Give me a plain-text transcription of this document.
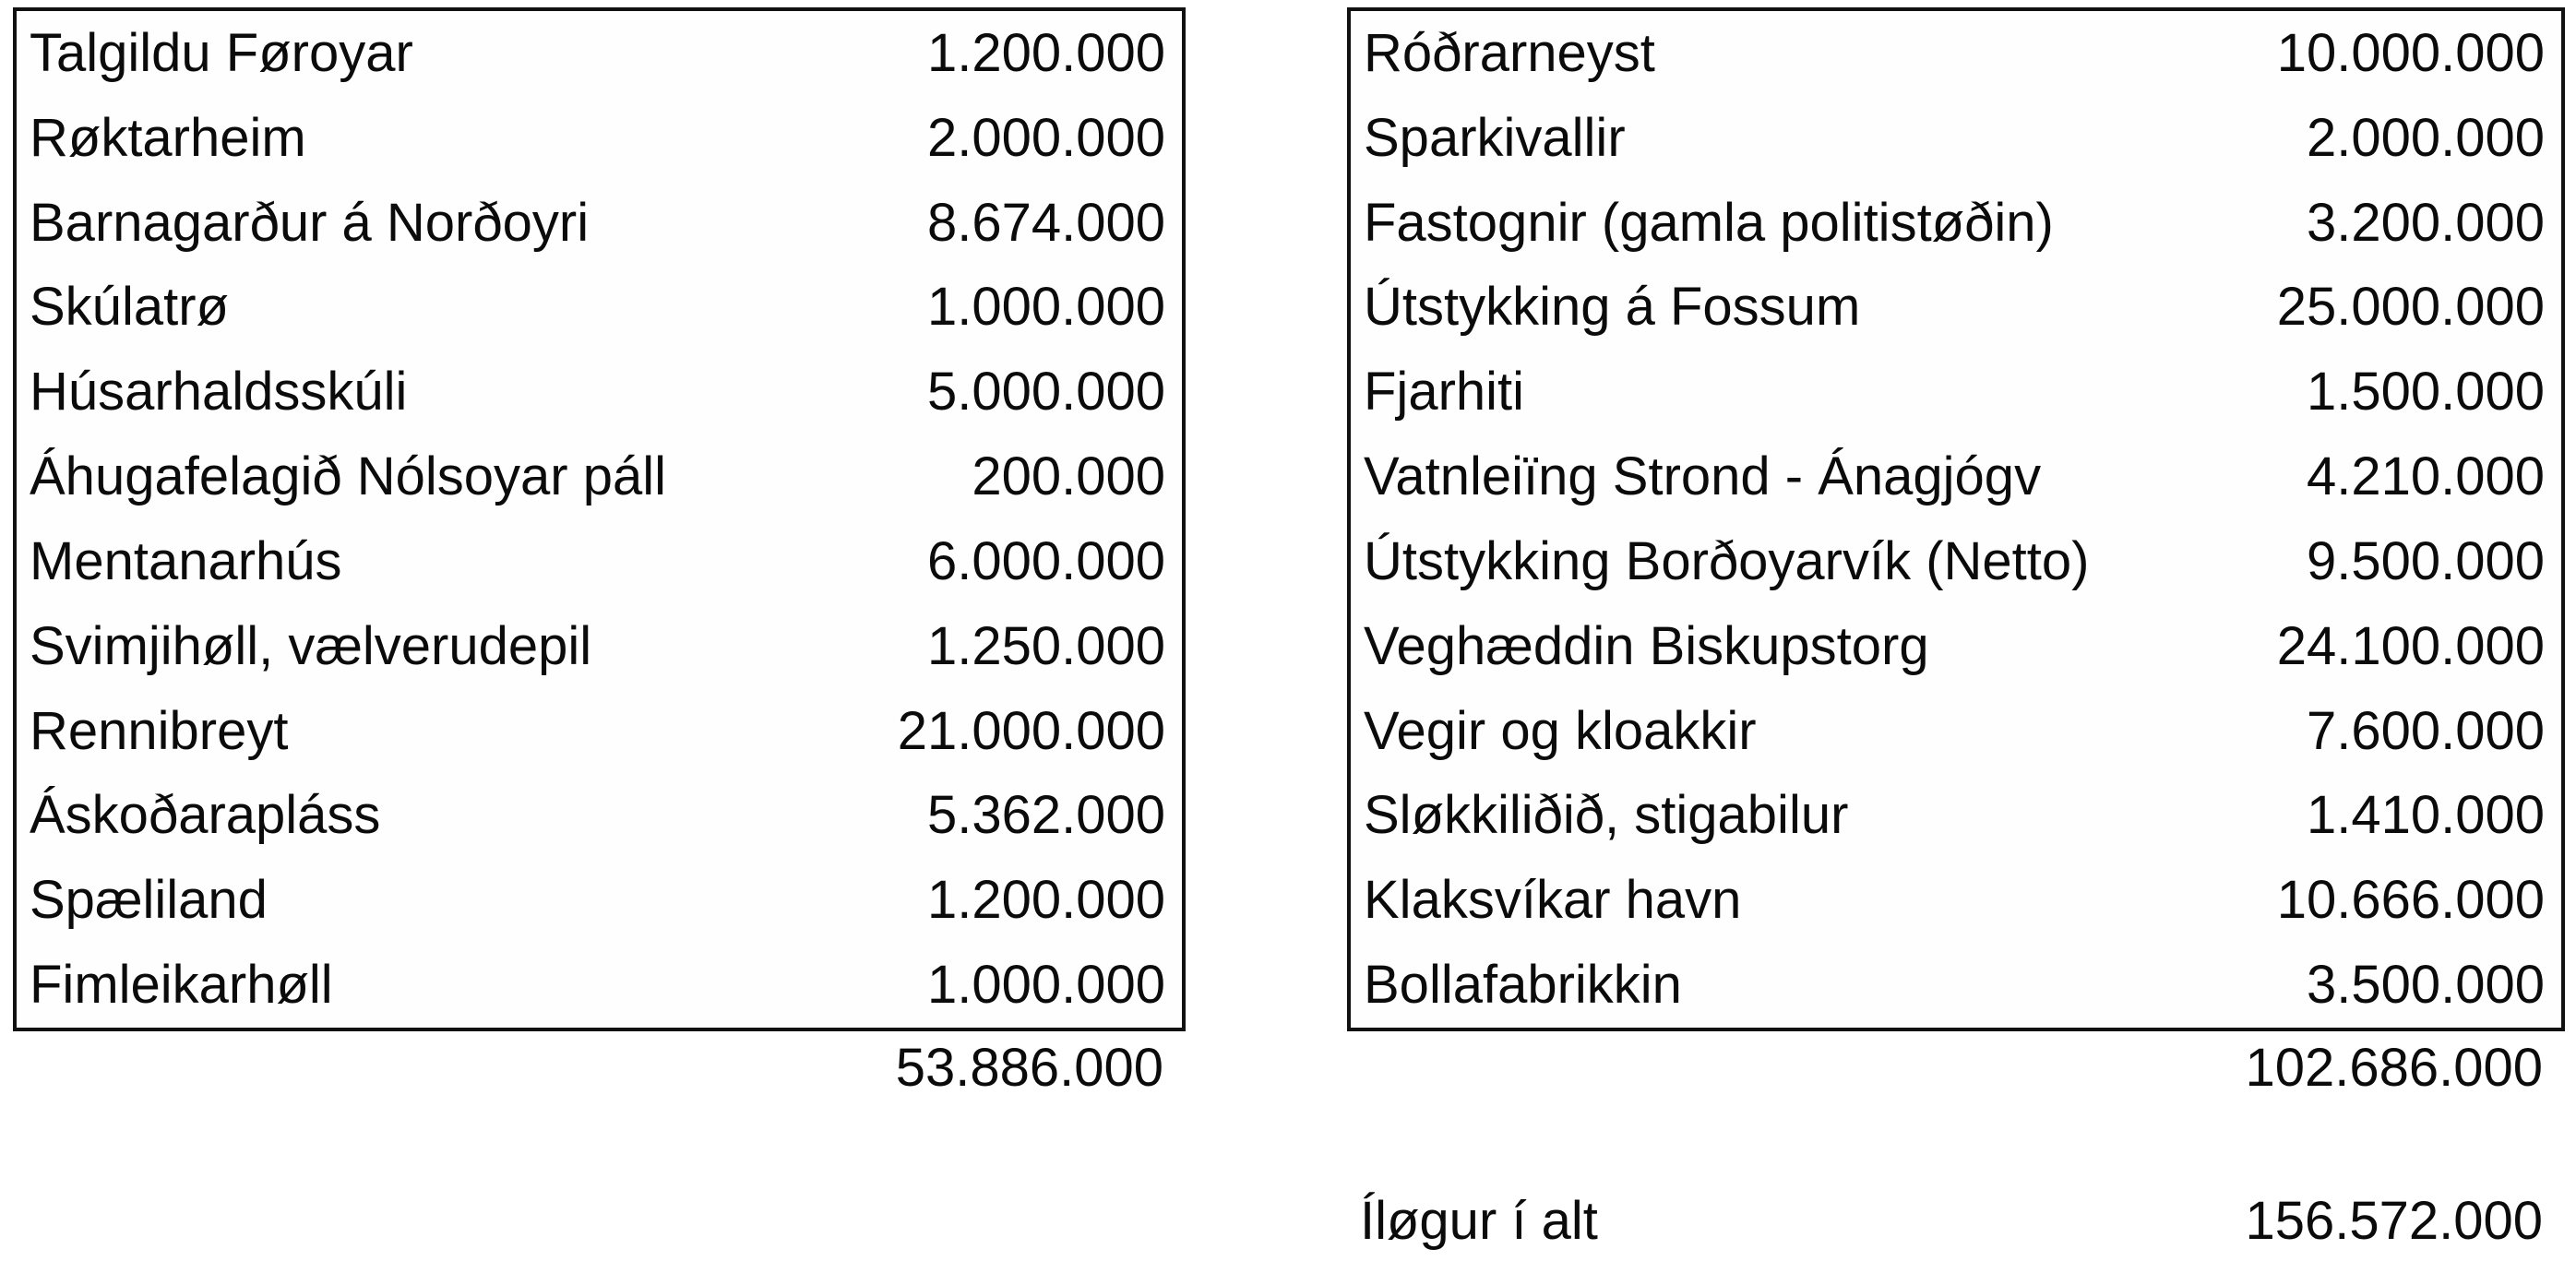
Talgildu Føroyar	1.200.000
Røktarheim	2.000.000
Barnagarður á Norðoyri	8.674.000
Skúlatrø	1.000.000
Húsarhaldsskúli	5.000.000
Áhugafelagið Nólsoyar páll	200.000
Mentanarhús	6.000.000
Svimjihøll, vælverudepil	1.250.000
Rennibreyt	21.000.000
Áskoðarapláss	5.362.000
Spæliland	1.200.000
Fimleikarhøll	1.000.000
Róðrarneyst	10.000.000
Sparkivallir	2.000.000
Fastognir (gamla politistøðin)	3.200.000
Útstykking á Fossum	25.000.000
Fjarhiti	1.500.000
Vatnleiïng Strond - Ánagjógv	4.210.000
Útstykking Borðoyarvík (Netto)	9.500.000
Veghæddin Biskupstorg	24.100.000
Vegir og kloakkir	7.600.000
Sløkkiliðið, stigabilur	1.410.000
Klaksvíkar havn	10.666.000
Bollafabrikkin	3.500.000
53.886.000	102.686.000
Íløgur í alt	156.572.000
